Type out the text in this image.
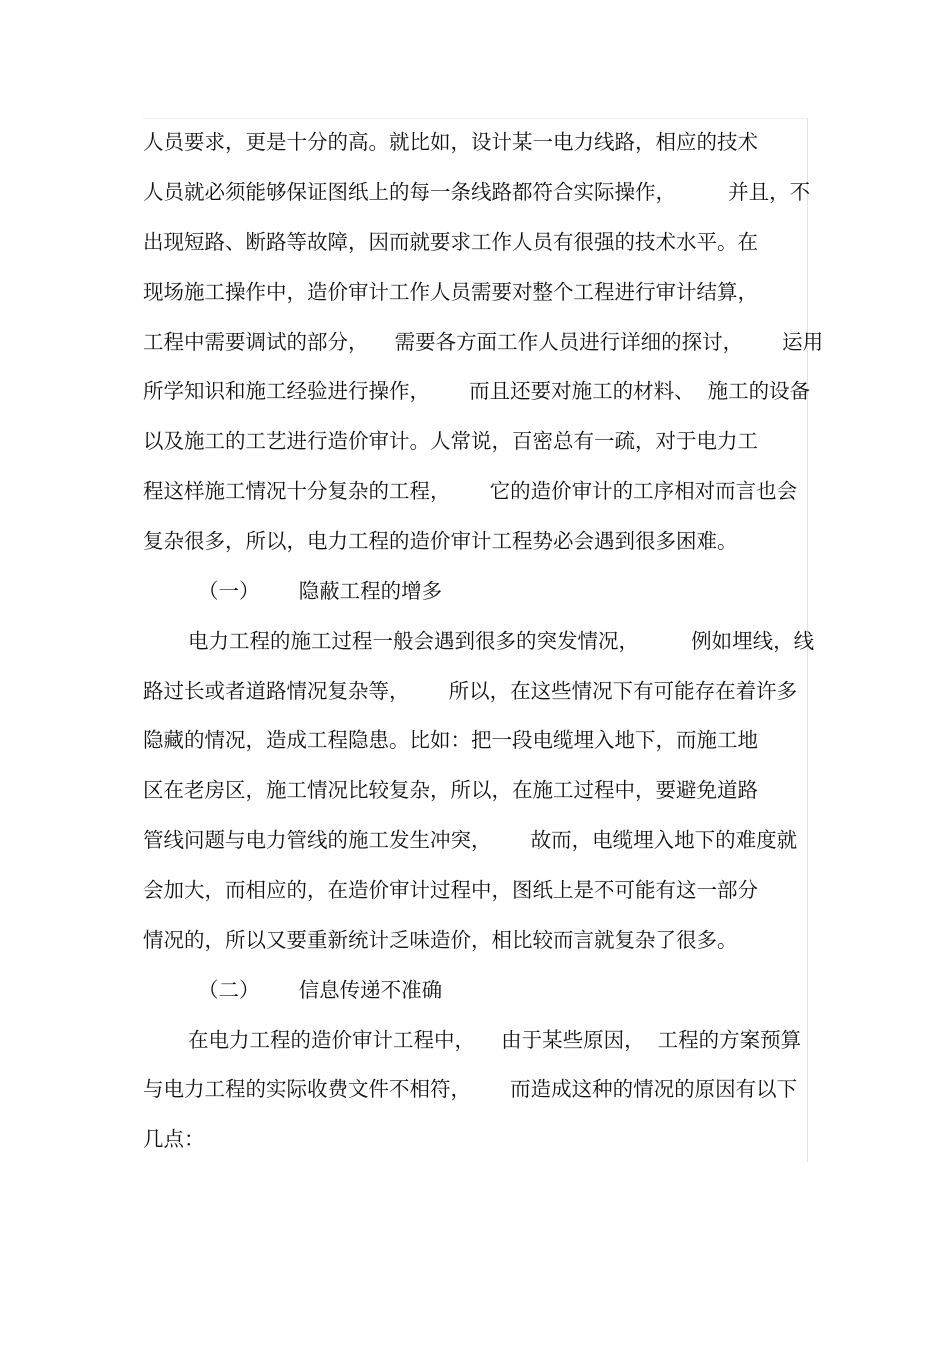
人员要求，更是十分的高。就比如，设计某一电力线路，相应的技术
人员就必须能够保证图纸上的每一条线路都符合实际操作，        并且，不
出现短路、断路等故障，因而就要求工作人员有很强的技术水平。在
现场施工操作中，造价审计工作人员需要对整个工程进行审计结算，
工程中需要调试的部分，    需要各方面工作人员进行详细的探讨，      运用
所学知识和施工经验进行操作，      而且还要对施工的材料、  施工的设备
以及施工的工艺进行造价审计。人常说，百密总有一疏，对于电力工
程这样施工情况十分复杂的工程，      它的造价审计的工序相对而言也会
复杂很多，所以，电力工程的造价审计工程势必会遇到很多困难。
（一）      隐蔽工程的增多
电力工程的施工过程一般会遇到很多的突发情况，        例如埋线，线
路过长或者道路情况复杂等，      所以，在这些情况下有可能存在着许多
隐藏的情况，造成工程隐患。比如：把一段电缆埋入地下，而施工地
区在老房区，施工情况比较复杂，所以，在施工过程中，要避免道路
管线问题与电力管线的施工发生冲突，      故而，电缆埋入地下的难度就
会加大，而相应的，在造价审计过程中，图纸上是不可能有这一部分
情况的，所以又要重新统计乏味造价，相比较而言就复杂了很多。
（二）      信息传递不准确
在电力工程的造价审计工程中，    由于某些原因，  工程的方案预算
与电力工程的实际收费文件不相符，      而造成这种的情况的原因有以下
几点：
